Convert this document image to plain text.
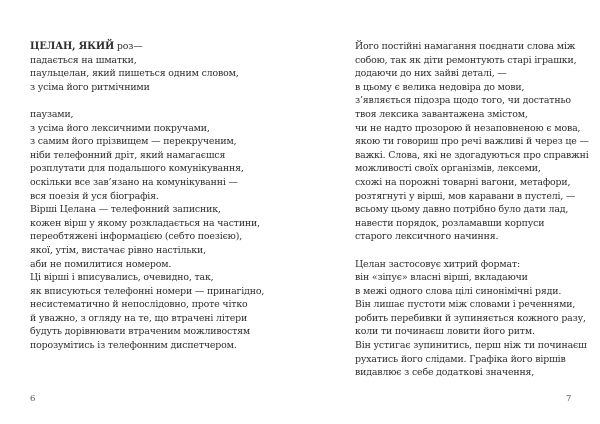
ЦЕЛАН, ЯКИЙ роз—
падається на шматки,
паульцелан, який пишеться одним словом,
з усіма його ритмічними
паузами,
з усіма його лексичними покручами,
з самим його прізвищем — перекрученим,
ніби телефонний дріт, який намагаєшся
розплутати для подальшого комунікування,
оскільки все зав’язано на комунікуванні —
вся поезія й уся біографія.
Вірші Целана — телефонний записник,
кожен вірш у якому розкладається на частини,
переобтяжені інформацією (себто поезією),
якої, утім, вистачає рівно настільки,
аби не помилитися номером.
Ці вірші і вписувались, очевидно, так,
як вписуються телефонні номери — принагідно,
несистематично й непослідовно, проте чітко
й уважно, з огляду на те, що втрачені літери
будуть дорівнювати втраченим можливостям
порозумітись із телефонним диспетчером.
6
Його постійні намагання поєднати слова між
собою, так як діти ремонтують старі іграшки,
додаючи до них зайві деталі, —
в цьому є велика недовіра до мови,
з’являється підозра щодо того, чи достатньо
твоя лексика завантажена змістом,
чи не надто прозорою й незаповненою є мова,
якою ти говориш про речі важливі й через це —
важкі. Слова, які не здогадуються про справжні
можливості своїх організмів, лексеми,
схожі на порожні товарні вагони, метафори,
розтягнуті у вірші, мов каравани в пустелі, —
всьому цьому давно потрібно було дати лад,
навести порядок, розламавши корпуси
старого лексичного начиння.
Целан застосовує хитрий формат:
він «зіпує» власні вірші, вкладаючи
в межі одного слова цілі синонімічні ряди.
Він лишає пустоти між словами і реченнями,
робить перебивки й зупиняється кожного разу,
коли ти починаєш ловити його ритм.
Він устигає зупинитись, перш ніж ти починаєш
рухатись його слідами. Графіка його віршів
видавлює з себе додаткові значення,
7
